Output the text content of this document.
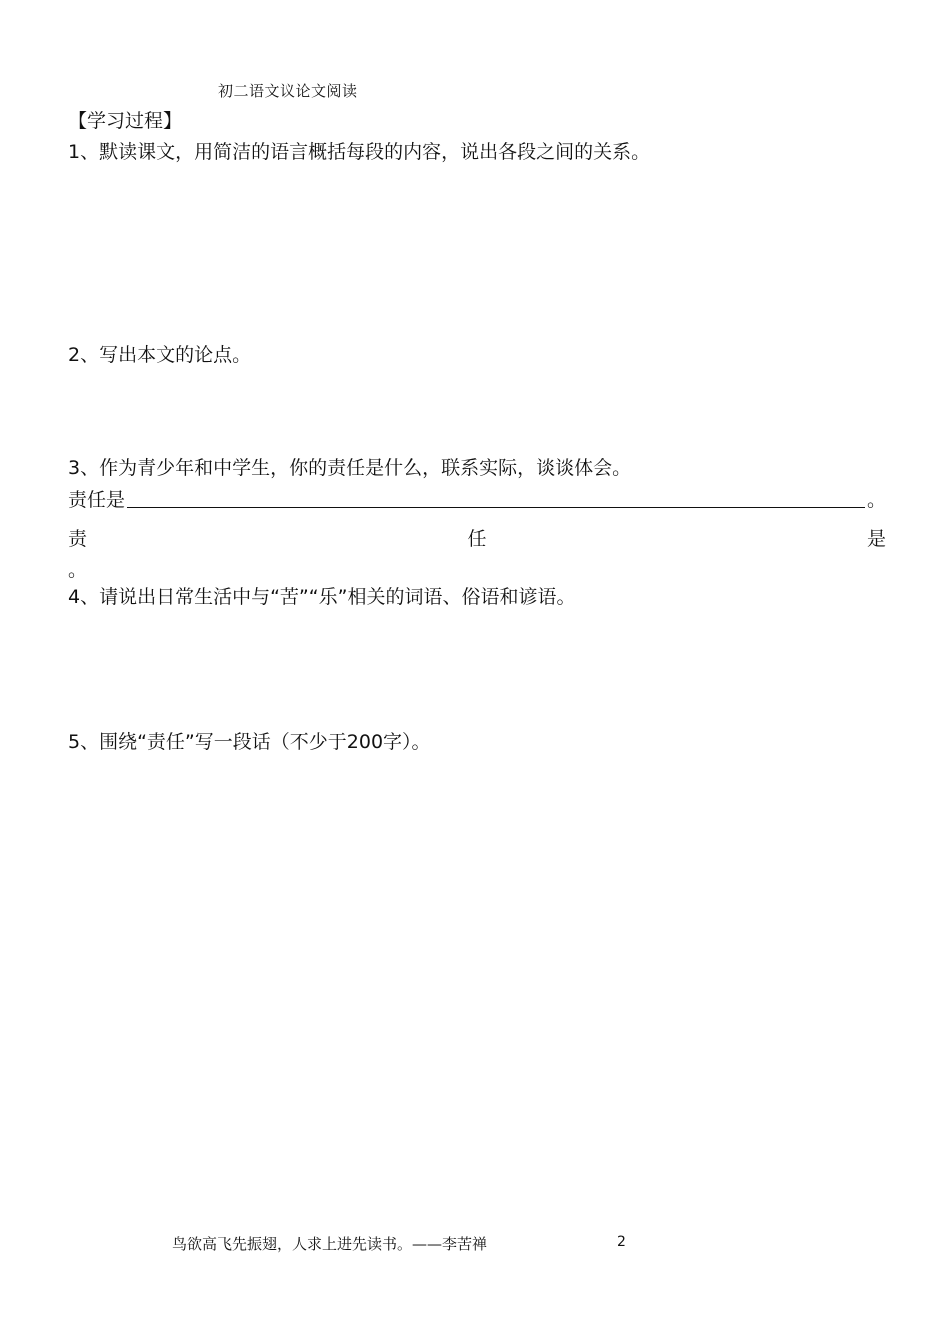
初二语文议论文阅读
【学习过程】
1、默读课文，用简洁的语言概括每段的内容，说出各段之间的关系。
2、写出本文的论点。
3、作为青少年和中学生，你的责任是什么，联系实际，谈谈体会。
责任是	。
责	任	是
。
4、请说出日常生活中与“苦”“乐”相关的词语、俗语和谚语。
5、围绕“责任”写一段话（不少于200字）。
鸟欲高飞先振翅，人求上进先读书。——李苦禅	2
